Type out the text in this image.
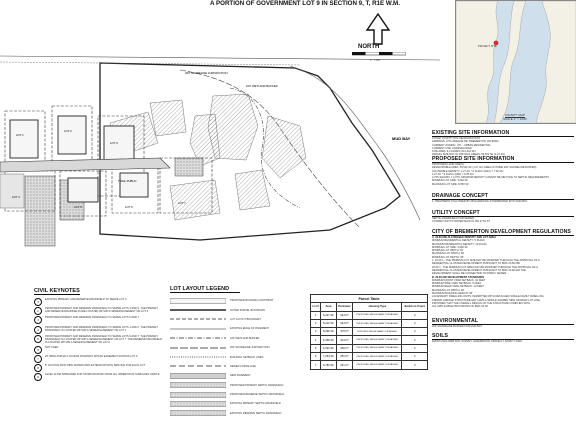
A PORTION OF GOVERNMENT LOT 9 IN SECTION 9, T, R1E W.M.
200' SHORELINE JURISDICTION
100' WETLAND BUFFER
MUD BAY
TRAIL PUBLIC
LOT 1
LOT 2
LOT 3
LOT 4
LOT 5	LOT 6
LOT 7
NORTH
1" = 60'
PROJECT SITE
VICINITY MAP
SCALE 1" = 1000'
EXISTING SITE INFORMATION
KITSAP COUNTY PIN: 092401XXXXXXX
ADDRESS: 27TH AVENUE NE, BREMERTON, WA 98311
CURRENT ZONING: UTL - URBAN RESIDENTIAL
CURRENT USE: UNDEVELOPED
SITE AREA: 4.9 ACRES (213,444 SF)
PARCEL SIZE NOT IN CRITICAL AREAS: 56,522 SF (1.27 AC)
PROPOSED SITE INFORMATION
PROPOSED LAND USE(S): ...
DEVELOPABLE AREA: 56,522 SF (1.27 AC) AREA OUTSIDE 200' SHORELINE BUFFER)
ALLOWABLE DENSITY: 1.27 AC * 6 DU/AC (MAX) = 7.62 DU
1.27 AC * 5 DU/AC (MIN) = 6.35 DU
LOTS SHOWN: 7 LOTS, MINIMUM DENSITY CANNOT BE MET DUE TO SEPTIC REQUIREMENTS
MINIMUM LOT SIZE: 4,000 SF
MAXIMUM LOT SIZE: 8,650 SF
DRAINAGE CONCEPT
1. TREATMENT FOLLOWED BY DISCHARGING STORMWATER INTO MUD BAY
UTILITY CONCEPT
SEPTIC DRAINFIELD FOR SEWER
CONNECTION TO WATER MAIN IN NW 27TH ST
CITY OF BREMERTON DEVELOPMENT REGULATIONS
A. 20.60.080 ALLOWABLE DENSITY AND LOT AREA
MINIMUM RESIDENTIAL DENSITY: 5 DU/AC
MAXIMUM RESIDENTIAL DENSITY: 10 DU/AC
MINIMUM LOT SIZE: 3,000 SF
MINIMUM LOT WIDTH: 30'
MAXIMUM LOT WIDTH: 90'
MINIMUM LOT DEPTH: 65'
1. 20.60.1 - THE MINIMUM LOT SIZE MAY BE MODIFIED THROUGH THE APPROVAL OF A
RESIDENTIAL CLUSTER DEVELOPMENT PURSUANT TO BMC 20.60.080
20.60.1 - THE MINIMUM LOT AREA MAY BE MODIFIED THROUGH THE APPROVAL OF A
RESIDENTIAL CLUSTER DEVELOPMENT PURSUANT TO BMC 20.60.090 THE
DEVELOPMENT SHALL BE CONNECTED TO PUBLIC SEWER ...
B. 20.60.090 DEVELOPMENT STANDARDS
MINIMUM FRONT YARD SETBACK: 10 FEET
MINIMUM SIDE YARD SETBACK: 5 FEET
MINIMUM REAR YARD SETBACK: 10 FEET
MAXIMUM LOT WIDTH: 90'
MAXIMUM BUILDING HEIGHT: 35'
ACCESSORY DWELLING UNITS: PERMITTED WITH DETACHED SINGLE FAMILY DWELLING
AND/OR GARAGE STRUCTURE MAY HAVE A SINGLE SHARED SIDE OR REAR LOT LINE,
PROVIDED THAT THE OVERALL DESIGN OF THE STRUCTURE COMPLIES WITH
ALL APPLICABLE PROVISIONS OF BMC 20.60
ENVIRONMENTAL
200' SHORELINE BUFFER FOR MUD BAY
SOILS
FROM USDA WEB SOIL SURVEY: ALDERWOOD GRAVELLY SANDY LOAM
CIVIL KEYNOTES
1
EXISTING PRIMARY AND RESERVE DRAINFIELD TO SERVE LOT 3
2
PROPOSED PRIMARY AND RESERVE DRAINFIELD TO SERVE LOTS 4 AND 5. THE PRIMARY AND RESERVE DRAINFIELD ARE LOCATED WITHIN A SEWER EASEMENT ON LOT 4
3
PROPOSED PRIMARY AND RESERVE DRAINFIELD TO SERVE LOTS 6 AND 7
4
PROPOSED PRIMARY AND RESERVE DRAINFIELD TO SERVE LOTS 1 AND 2. THE PRIMARY DRAINFIELD IS LOCATED WITHIN A SEWER EASEMENT ON LOT 1
5
PROPOSED PRIMARY AND RESERVE DRAINFIELD TO SERVE LOTS 6 AND 7. THE PRIMARY DRAINFIELD IS LOCATED WITHIN A SEWER EASEMENT ON LOT 7. THE RESERVE DRAINFIELD IS LOCATED WITHIN A SEWER EASEMENT ON LOT 6
6
NOT USED
7
20' WIDE ASPHALT ACCESS ROADWAY WITHIN EASEMENT ACROSS LOT 3
8
8" DUCTILE IRON PIPE WATER MAIN EXTENSION WITH SERVICE FOR EACH LOT
9
LEVEL FLOW SPREADER FOR STORM RUNOFF FROM ALL IMPERVIOUS SURFACES ONSITE
LOT LAYOUT LEGEND
PROPOSED BUILDING FOOTPRINT
OUTER PARCEL BOUNDARY
LOT LAYOUT BOUNDARY
EXISTING EDGE OF PAVEMENT
100' WETLAND BUFFER
200' SHORELINE JURISDICTION
BUILDING SETBACK LINES
SEWER FORCE LINE
NEW PAVEMENT
PROPOSED PRIMARY SEPTIC DRAINFIELD
PROPOSED RESERVE SEPTIC DRAINFIELD
EXISTING PRIMARY SEPTIC DRAINFIELD
EXISTING RESERVE SEPTIC DRAINFIELD
Parcel Table				
Lot #	Area	Perimeter	Housing Type	Bedroom Count
1	6,227 SF	344 FT	PROPOSED SINGLE FAMILY DETACHED	3
2	6,210 SF	344 FT	PROPOSED SINGLE FAMILY DETACHED	3
3	8,096 SF	375 FT	EXISTING SINGLE FAMILY DETACHED	3
4	6,458 SF	344 FT	PROPOSED SINGLE FAMILY DETACHED	3
5	6,040 SF	330 FT	PROPOSED SINGLE FAMILY DETACHED	3
6	7,263 SF	361 FT	PROPOSED SINGLE FAMILY DETACHED	3
7	6,780 SF	331 FT	PROPOSED SINGLE FAMILY DETACHED	3
